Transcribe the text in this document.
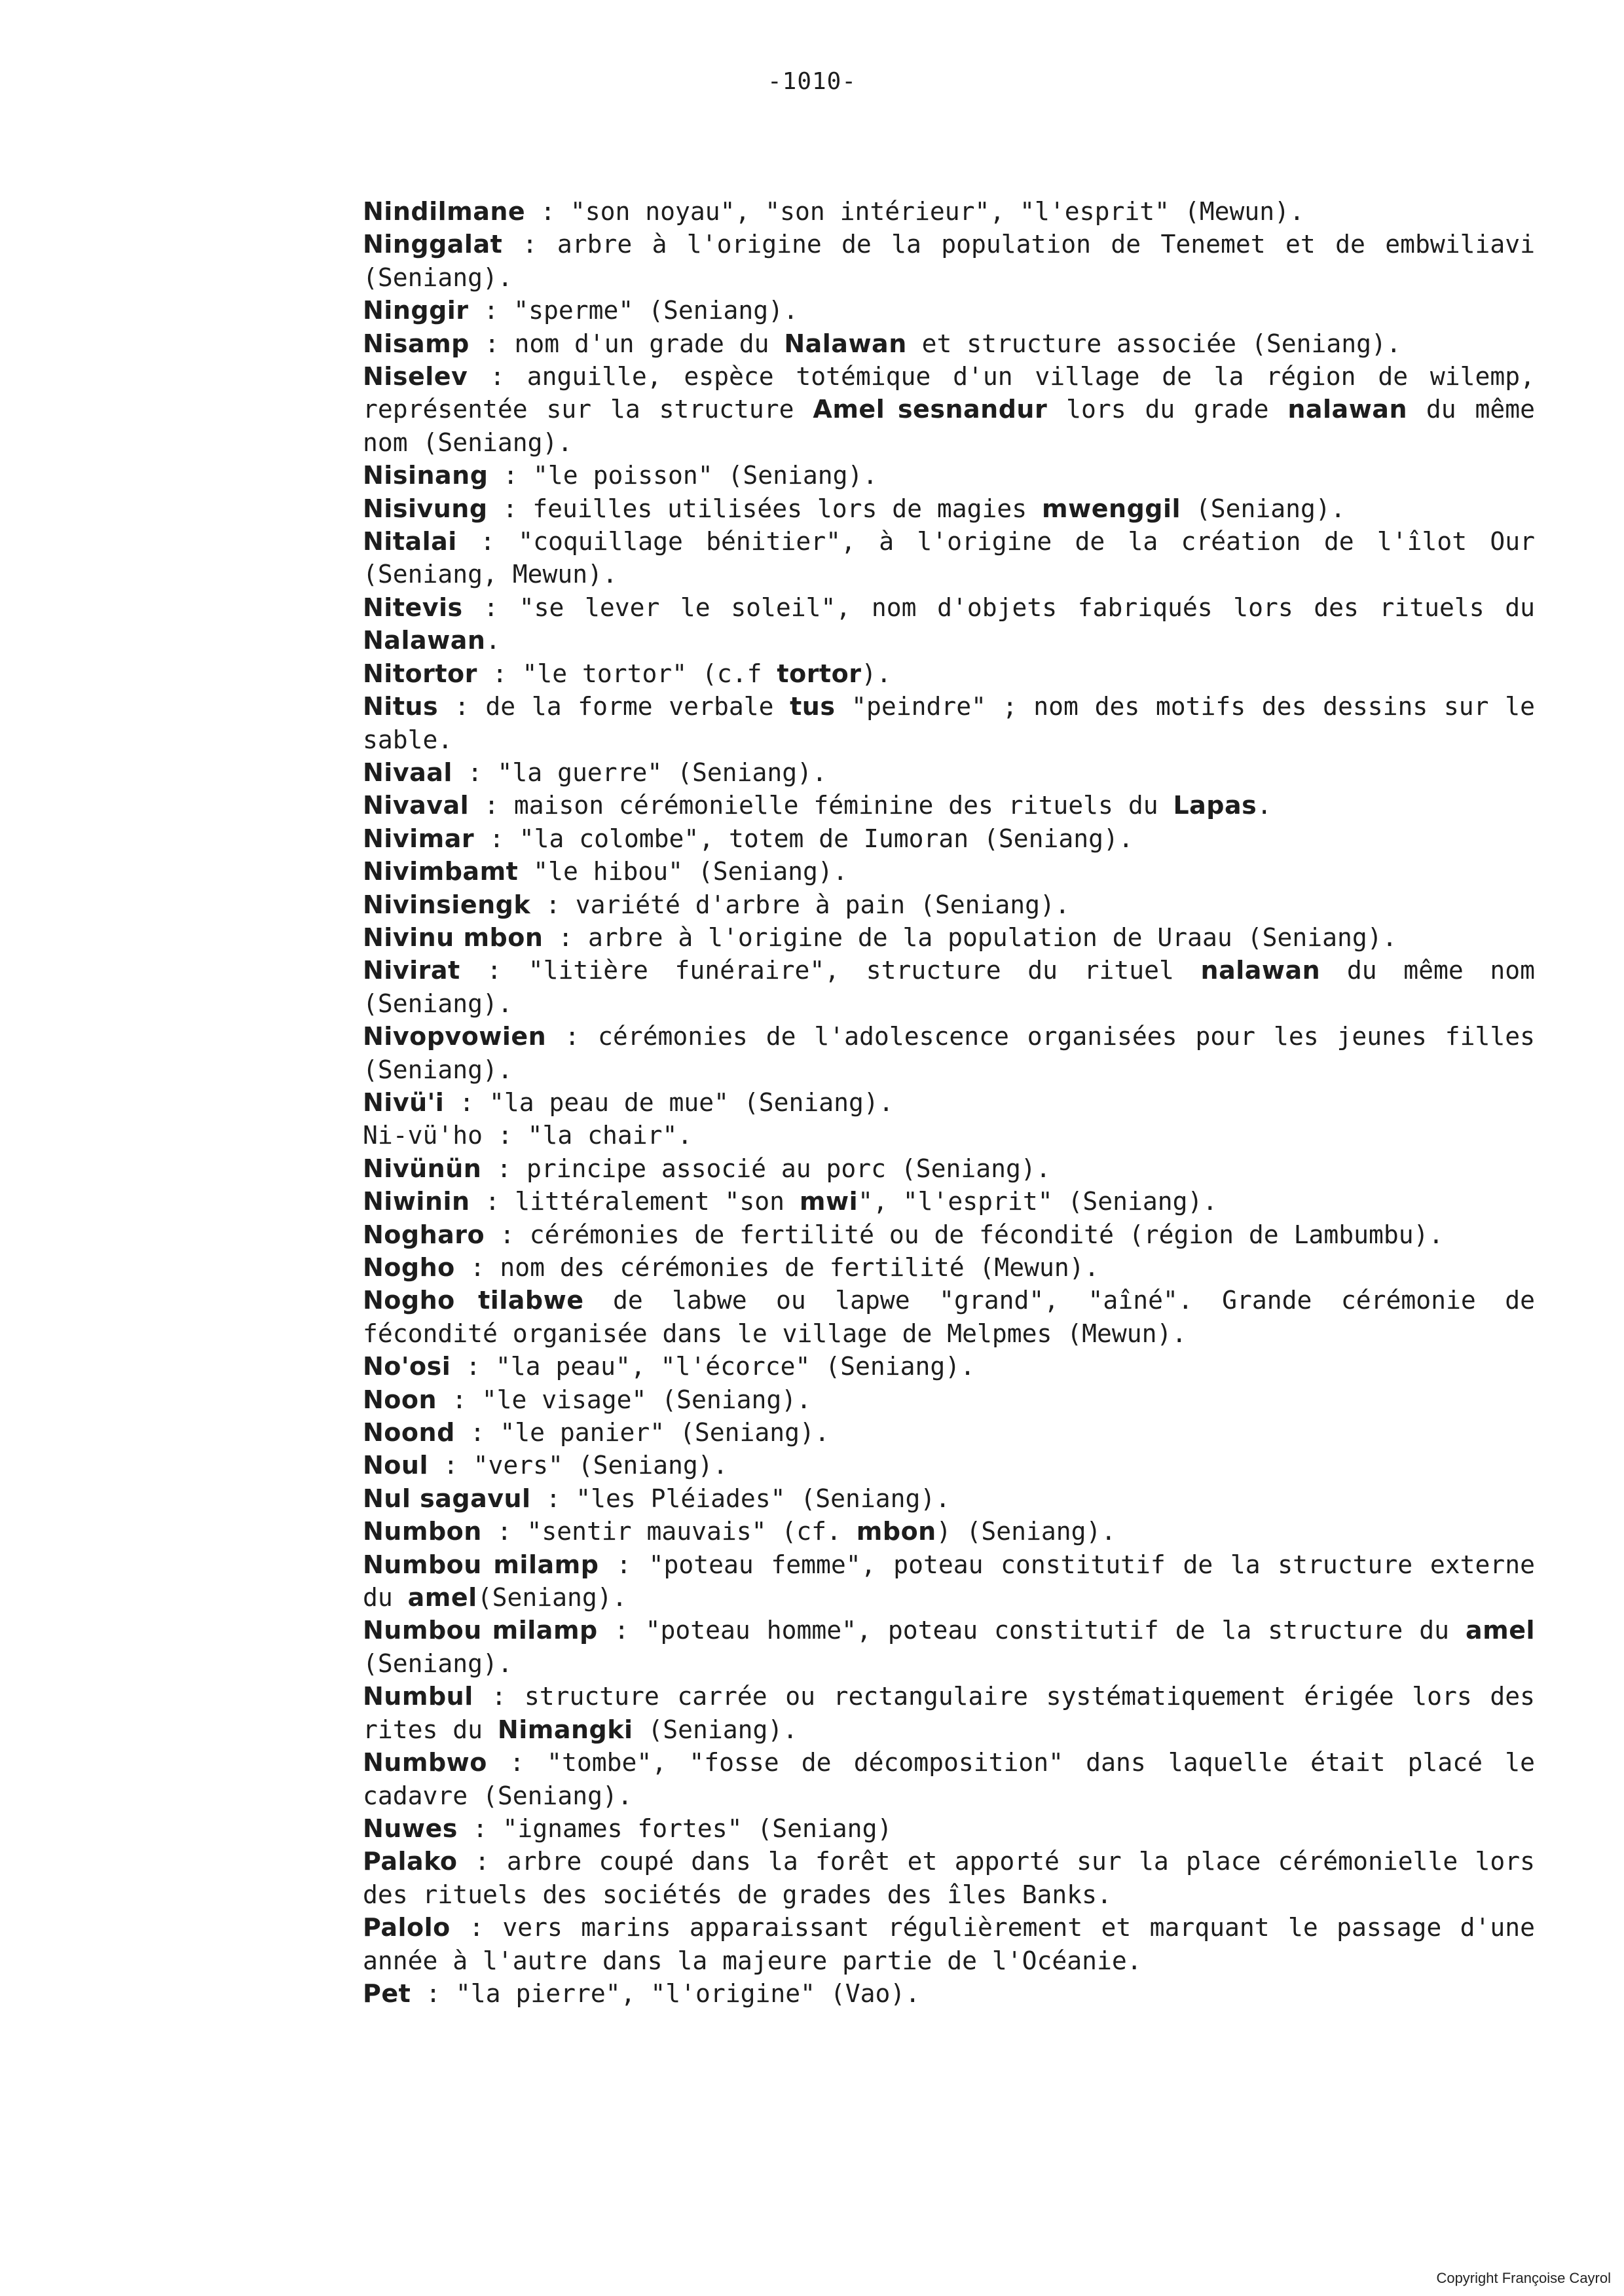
-1010-
Nindilmane : "son noyau", "son intérieur", "l'esprit" (Mewun).
Ninggalat : arbre à l'origine de la population de Tenemet et de embwiliavi (Seniang).
Ninggir : "sperme" (Seniang).
Nisamp : nom d'un grade du Nalawan et structure associée (Seniang).
Niselev : anguille, espèce totémique d'un village de la région de wilemp, représentée sur la structure Amel sesnandur lors du grade nalawan du même nom (Seniang).
Nisinang : "le poisson" (Seniang).
Nisivung : feuilles utilisées lors de magies mwenggil (Seniang).
Nitalai : "coquillage bénitier", à l'origine de la création de l'îlot Our (Seniang, Mewun).
Nitevis : "se lever le soleil", nom d'objets fabriqués lors des rituels du Nalawan.
Nitortor : "le tortor" (c.f tortor).
Nitus : de la forme verbale tus "peindre" ; nom des motifs des dessins sur le sable.
Nivaal : "la guerre" (Seniang).
Nivaval : maison cérémonielle féminine des rituels du Lapas.
Nivimar : "la colombe", totem de Iumoran (Seniang).
Nivimbamt "le hibou" (Seniang).
Nivinsiengk : variété d'arbre à pain (Seniang).
Nivinu mbon : arbre à l'origine de la population de Uraau (Seniang).
Nivirat : "litière funéraire", structure du rituel nalawan du même nom (Seniang).
Nivopvowien : cérémonies de l'adolescence organisées pour les jeunes filles (Seniang).
Nivü'i : "la peau de mue" (Seniang).
Ni-vü'ho : "la chair".
Nivünün : principe associé au porc (Seniang).
Niwinin : littéralement "son mwi", "l'esprit" (Seniang).
Nogharo : cérémonies de fertilité ou de fécondité (région de Lambumbu).
Nogho : nom des cérémonies de fertilité (Mewun).
Nogho tilabwe de labwe ou lapwe "grand", "aîné". Grande cérémonie de fécondité organisée dans le village de Melpmes (Mewun).
No'osi : "la peau", "l'écorce" (Seniang).
Noon : "le visage" (Seniang).
Noond : "le panier" (Seniang).
Noul : "vers" (Seniang).
Nul sagavul : "les Pléiades" (Seniang).
Numbon : "sentir mauvais" (cf. mbon) (Seniang).
Numbou milamp : "poteau femme", poteau constitutif de la structure externe du amel(Seniang).
Numbou milamp : "poteau homme", poteau constitutif de la structure du amel (Seniang).
Numbul : structure carrée ou rectangulaire systématiquement érigée lors des rites du Nimangki (Seniang).
Numbwo : "tombe", "fosse de décomposition" dans laquelle était placé le cadavre (Seniang).
Nuwes : "ignames fortes" (Seniang)
Palako : arbre coupé dans la forêt et apporté sur la place cérémonielle lors des rituels des sociétés de grades des îles Banks.
Palolo : vers marins apparaissant régulièrement et marquant le passage d'une année à l'autre dans la majeure partie de l'Océanie.
Pet : "la pierre", "l'origine" (Vao).
Copyright Françoise Cayrol
